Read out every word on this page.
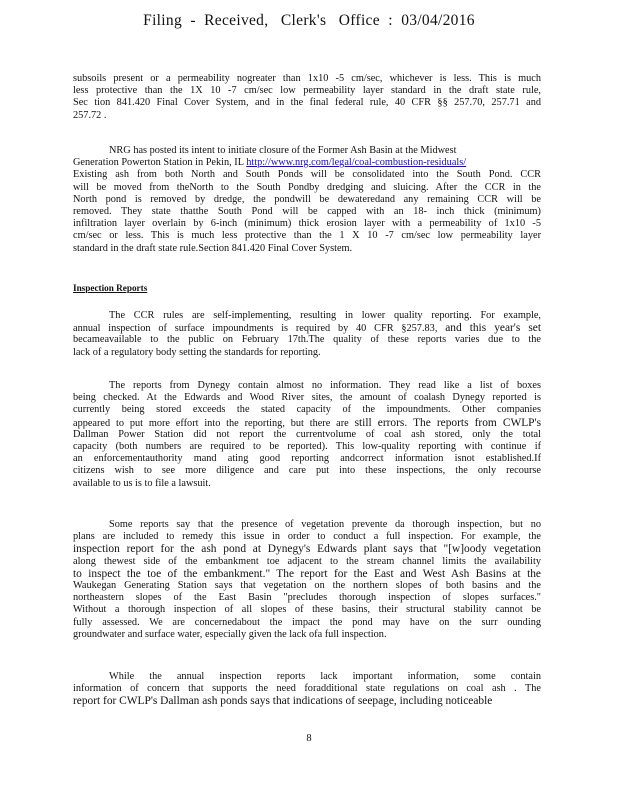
Filing  -  Received,   Clerk's   Office  :  03/04/2016
subsoils present or a permeability nogreater than 1x10 -5 cm/sec, whichever is less. This is much
less protective than the 1X 10 -7 cm/sec low permeability layer standard in the draft state rule,
Sec tion 841.420 Final Cover System, and in the final federal rule, 40 CFR §§ 257.70, 257.71 and
257.72 .
NRG has posted its intent to initiate closure of the Former Ash Basin at the Midwest
Generation Powerton Station in Pekin, IL http://www.nrg.com/legal/coal-combustion-residuals/
Existing ash from both North and South Ponds will be consolidated into the South Pond. CCR
will be moved from theNorth to the South Pondby dredging and sluicing. After the CCR in the
North pond is removed by dredge, the pondwill be dewateredand any remaining CCR will be
removed. They state thatthe South Pond will be capped with an 18- inch thick (minimum)
infiltration layer overlain by 6-inch (minimum) thick erosion layer with a permeability of 1x10 -5
cm/sec or less. This is much less protective than the 1 X 10 -7 cm/sec low permeability layer
standard in the draft state rule.Section 841.420 Final Cover System.
Inspection Reports
The CCR rules are self-implementing, resulting in lower quality reporting. For example,
annual inspection of surface impoundments is required by 40 CFR §257.83, and this year's set
becameavailable to the public on February 17th.The quality of these reports varies due to the
lack of a regulatory body setting the standards for reporting.
The reports from Dynegy contain almost no information. They read like a list of boxes
being checked. At the Edwards and Wood River sites, the amount of coalash Dynegy reported is
currently being stored exceeds the stated capacity of the impoundments. Other companies
appeared to put more effort into the reporting, but there are still errors. The reports from CWLP's
Dallman Power Station did not report the currentvolume of coal ash stored, only the total
capacity (both numbers are required to be reported). This low-quality reporting with continue if
an enforcementauthority mand ating good reporting andcorrect information isnot established.If
citizens wish to see more diligence and care put into these inspections, the only recourse
available to us is to file a lawsuit.
Some reports say that the presence of vegetation prevente da thorough inspection, but no
plans are included to remedy this issue in order to conduct a full inspection. For example, the
inspection report for the ash pond at Dynegy's Edwards plant says that "[w]oody vegetation
along thewest side of the embankment toe adjacent to the stream channel limits the availability
to inspect the toe of the embankment." The report for the East and West Ash Basins at the
Waukegan Generating Station says that vegetation on the northern slopes of both basins and the
northeastern slopes of the East Basin "precludes thorough inspection of slopes surfaces."
Without a thorough inspection of all slopes of these basins, their structural stability cannot be
fully assessed. We are concernedabout the impact the pond may have on the surr ounding
groundwater and surface water, especially given the lack ofa full inspection.
While the annual inspection reports lack important information, some contain
information of concern that supports the need foradditional state regulations on coal ash . The
report for CWLP's Dallman ash ponds says that indications of seepage, including noticeable
8
